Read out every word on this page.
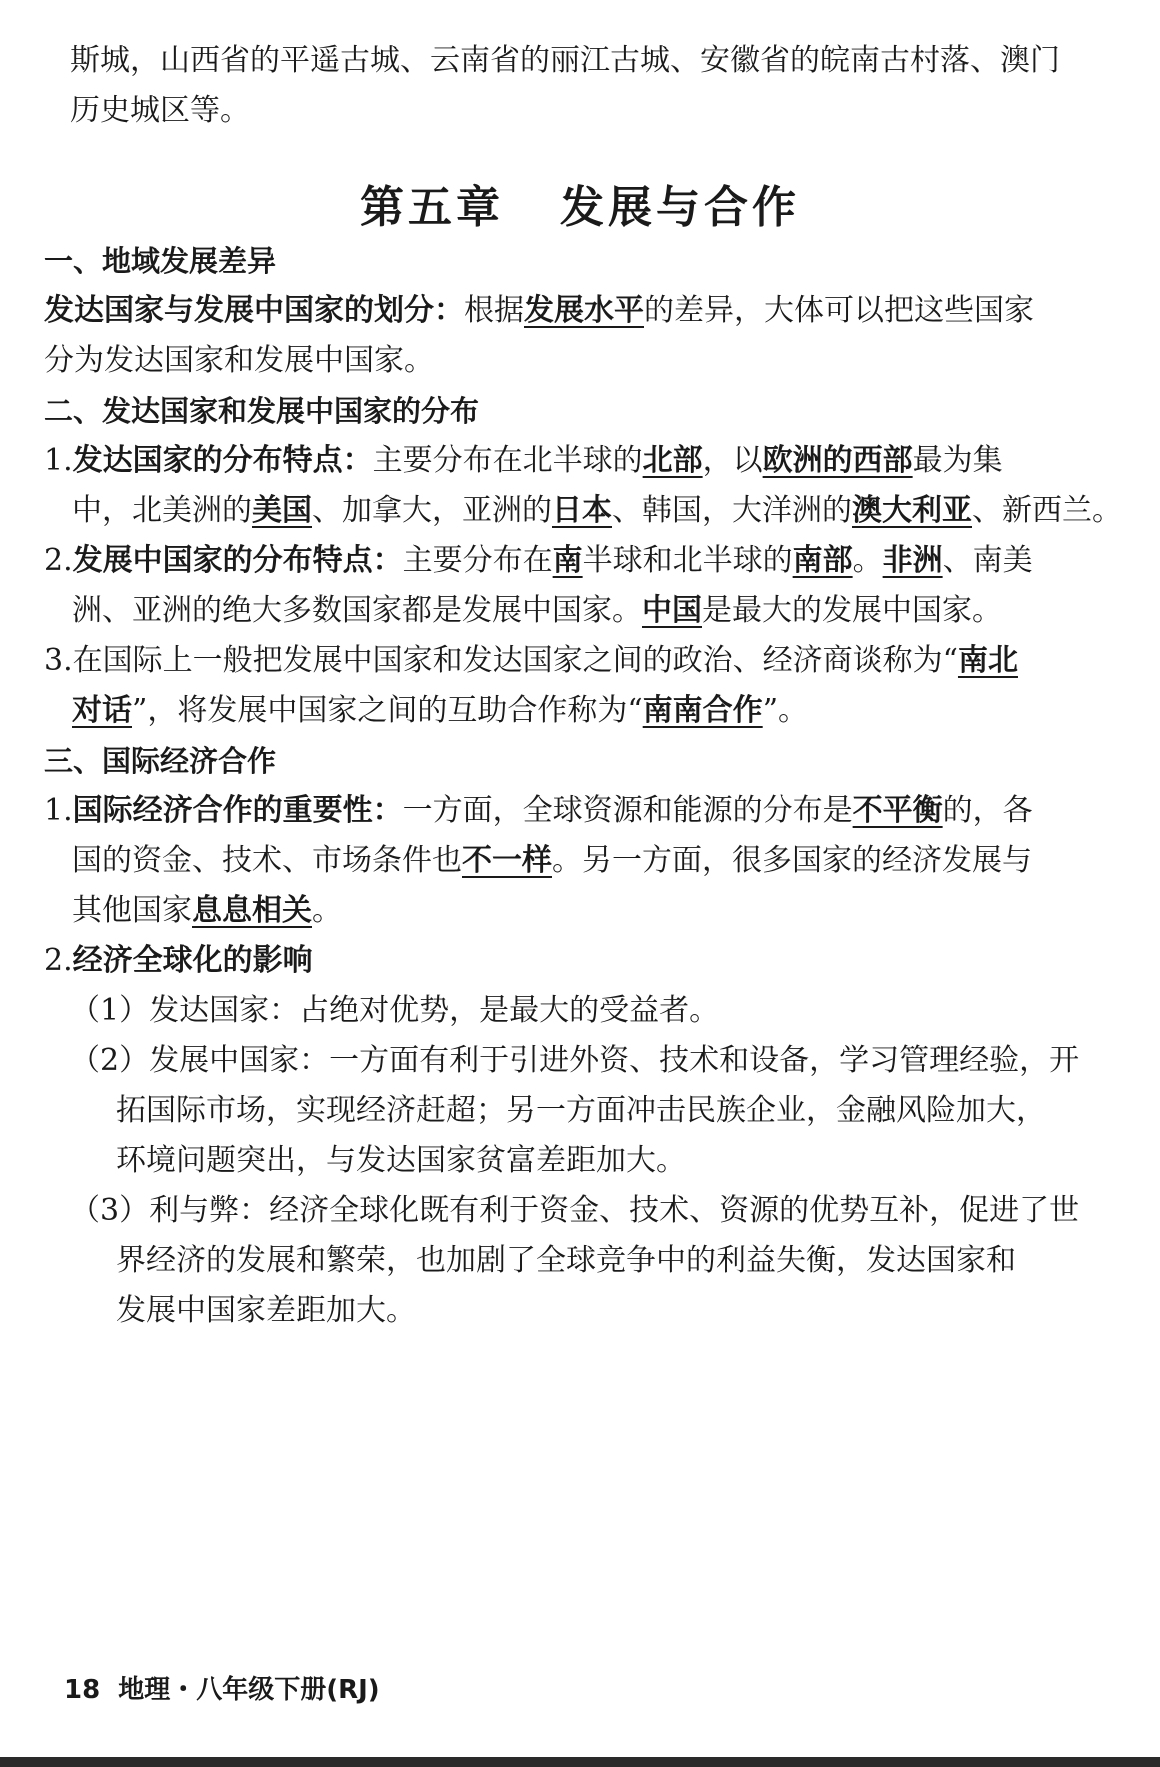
斯城，山西省的平遥古城、云南省的丽江古城、安徽省的皖南古村落、澳门
历史城区等。
第五章 发展与合作
一、地域发展差异
发达国家与发展中国家的划分：根据发展水平的差异，大体可以把这些国家
分为发达国家和发展中国家。
二、发达国家和发展中国家的分布
1.发达国家的分布特点：主要分布在北半球的北部，以欧洲的西部最为集
中，北美洲的美国、加拿大，亚洲的日本、韩国，大洋洲的澳大利亚、新西兰。
2.发展中国家的分布特点：主要分布在南半球和北半球的南部。非洲、南美
洲、亚洲的绝大多数国家都是发展中国家。中国是最大的发展中国家。
3.在国际上一般把发展中国家和发达国家之间的政治、经济商谈称为“南北
对话”，将发展中国家之间的互助合作称为“南南合作”。
三、国际经济合作
1.国际经济合作的重要性：一方面，全球资源和能源的分布是不平衡的，各
国的资金、技术、市场条件也不一样。另一方面，很多国家的经济发展与
其他国家息息相关。
2.经济全球化的影响
（1）发达国家：占绝对优势，是最大的受益者。
（2）发展中国家：一方面有利于引进外资、技术和设备，学习管理经验，开
拓国际市场，实现经济赶超；另一方面冲击民族企业，金融风险加大，
环境问题突出，与发达国家贫富差距加大。
（3）利与弊：经济全球化既有利于资金、技术、资源的优势互补，促进了世
界经济的发展和繁荣，也加剧了全球竞争中的利益失衡，发达国家和
发展中国家差距加大。
18 地理・八年级下册(RJ)
